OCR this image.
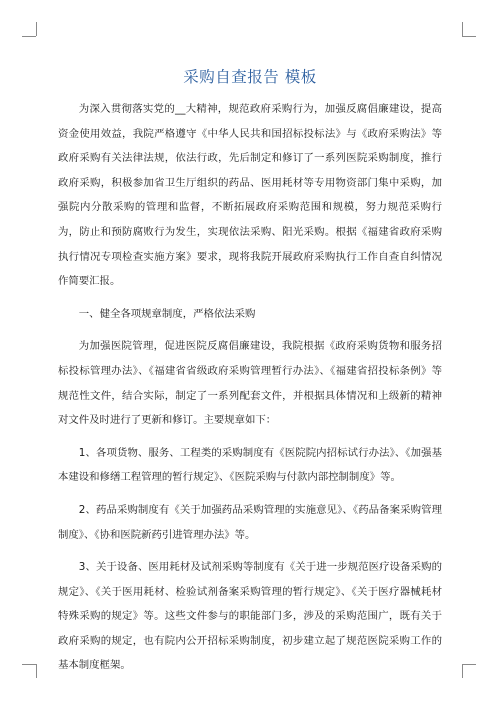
采购自查报告 模板

为深入贯彻落实党的__大精神，规范政府采购行为，加强反腐倡廉建设，提高资金使用效益，我院严格遵守《中华人民共和国招标投标法》与《政府采购法》等政府采购有关法律法规，依法行政，先后制定和修订了一系列医院采购制度，推行政府采购，积极参加省卫生厅组织的药品、医用耗材等专用物资部门集中采购，加强院内分散采购的管理和监督，不断拓展政府采购范围和规模，努力规范采购行为，防止和预防腐败行为发生，实现依法采购、阳光采购。根据《福建省政府采购执行情况专项检查实施方案》要求，现将我院开展政府采购执行工作自查自纠情况作简要汇报。

一、健全各项规章制度，严格依法采购

为加强医院管理，促进医院反腐倡廉建设，我院根据《政府采购货物和服务招标投标管理办法》、《福建省省级政府采购管理暂行办法》、《福建省招投标条例》等规范性文件，结合实际，制定了一系列配套文件，并根据具体情况和上级新的精神对文件及时进行了更新和修订。主要规章如下：

1、各项货物、服务、工程类的采购制度有《医院院内招标试行办法》、《加强基本建设和修缮工程管理的暂行规定》、《医院采购与付款内部控制制度》等。

2、药品采购制度有《关于加强药品采购管理的实施意见》、《药品备案采购管理制度》、《协和医院新药引进管理办法》等。

3、关于设备、医用耗材及试剂采购等制度有《关于进一步规范医疗设备采购的规定》、《关于医用耗材、检验试剂备案采购管理的暂行规定》、《关于医疗器械耗材特殊采购的规定》等。这些文件参与的职能部门多，涉及的采购范围广，既有关于政府采购的规定，也有院内公开招标采购制度，初步建立起了规范医院采购工作的基本制度框架。
